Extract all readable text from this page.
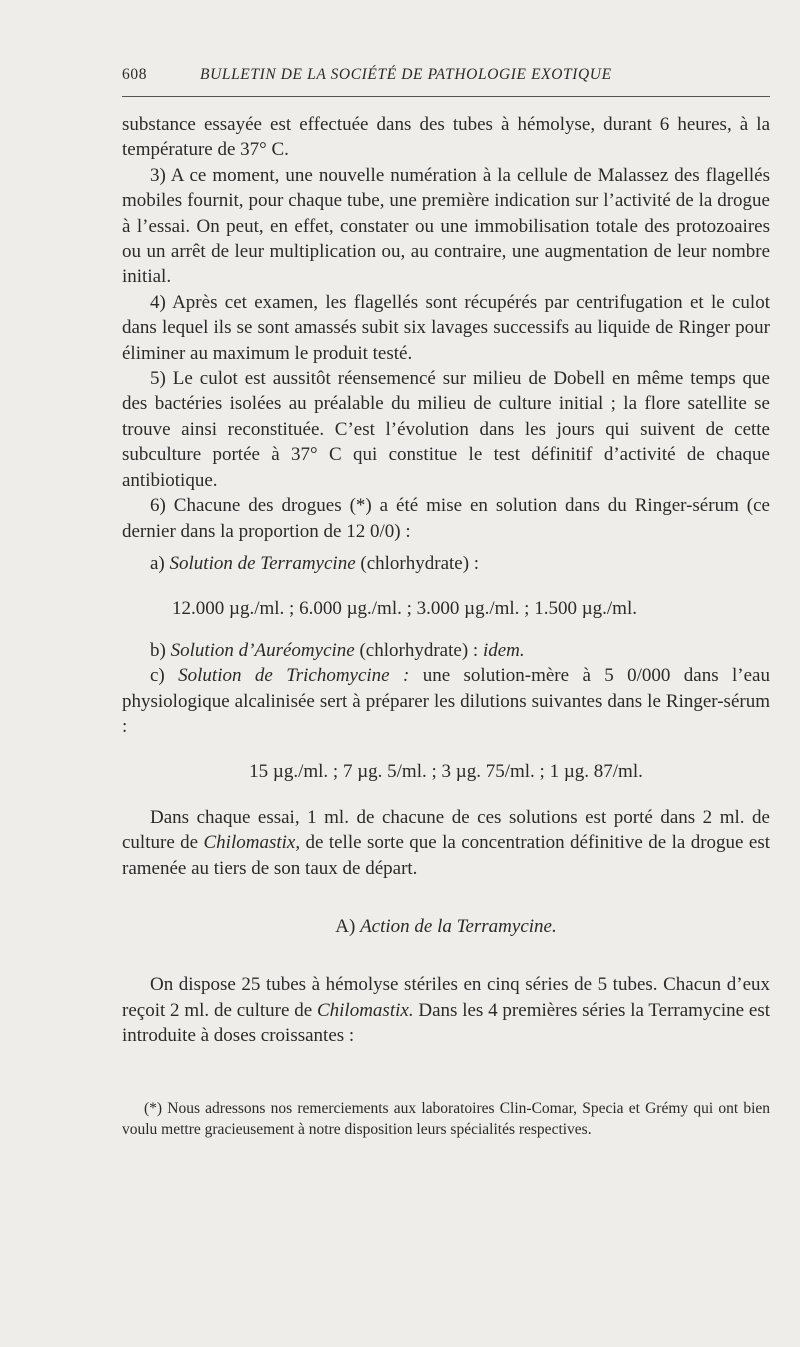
608	BULLETIN DE LA SOCIÉTÉ DE PATHOLOGIE EXOTIQUE

substance essayée est effectuée dans des tubes à hémolyse, durant 6 heures, à la température de 37° C.

3) A ce moment, une nouvelle numération à la cellule de Malassez des flagellés mobiles fournit, pour chaque tube, une première indication sur l’activité de la drogue à l’essai. On peut, en effet, constater ou une immobilisation totale des protozoaires ou un arrêt de leur multiplication ou, au contraire, une augmentation de leur nombre initial.

4) Après cet examen, les flagellés sont récupérés par centrifugation et le culot dans lequel ils se sont amassés subit six lavages successifs au liquide de Ringer pour éliminer au maximum le produit testé.

5) Le culot est aussitôt réensemencé sur milieu de Dobell en même temps que des bactéries isolées au préalable du milieu de culture initial ; la flore satellite se trouve ainsi reconstituée. C’est l’évolution dans les jours qui suivent de cette subculture portée à 37° C qui constitue le test définitif d’activité de chaque antibiotique.

6) Chacune des drogues (*) a été mise en solution dans du Ringer-sérum (ce dernier dans la proportion de 12 0/0) :

a) Solution de Terramycine (chlorhydrate) :

12.000 µg./ml. ; 6.000 µg./ml. ; 3.000 µg./ml. ; 1.500 µg./ml.

b) Solution d’Auréomycine (chlorhydrate) : idem.

c) Solution de Trichomycine : une solution-mère à 5 0/000 dans l’eau physiologique alcalinisée sert à préparer les dilutions suivantes dans le Ringer-sérum :

15 µg./ml. ; 7 µg. 5/ml. ; 3 µg. 75/ml. ; 1 µg. 87/ml.

Dans chaque essai, 1 ml. de chacune de ces solutions est porté dans 2 ml. de culture de Chilomastix, de telle sorte que la concentration définitive de la drogue est ramenée au tiers de son taux de départ.

A) Action de la Terramycine.

On dispose 25 tubes à hémolyse stériles en cinq séries de 5 tubes. Chacun d’eux reçoit 2 ml. de culture de Chilomastix. Dans les 4 premières séries la Terramycine est introduite à doses croissantes :

(*) Nous adressons nos remerciements aux laboratoires Clin-Comar, Specia et Grémy qui ont bien voulu mettre gracieusement à notre disposition leurs spécialités respectives.
